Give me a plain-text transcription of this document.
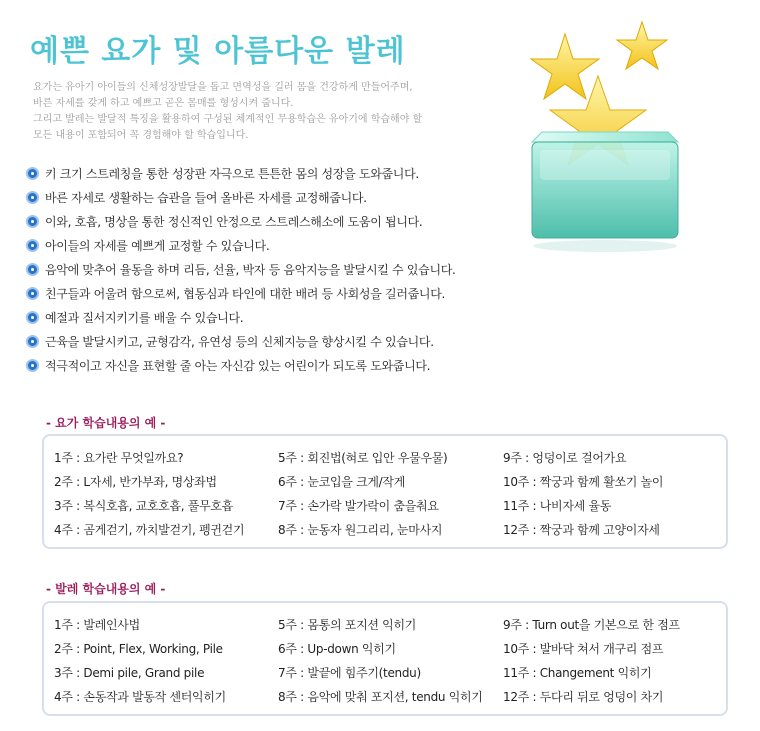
예쁜 요가 및 아름다운 발레
요가는 유아기 아이들의 신체성장발달을 돕고 면역성을 길러 몸을 건강하게 만들어주며,
바른 자세를 갖게 하고 예쁘고 곧은 몸매를 형성시켜 줍니다.
그리고 발레는 발달적 특징을 활용하여 구성된 체계적인 무용학습은 유아기에 학습해야 할
모든 내용이 포함되어 꼭 경험해야 할 학습입니다.
키 크기 스트레칭을 통한 성장판 자극으로 튼튼한 몸의 성장을 도와줍니다.
바른 자세로 생활하는 습관을 들여 올바른 자세를 교정해줍니다.
이와, 호흡, 명상을 통한 정신적인 안정으로 스트레스해소에 도움이 됩니다.
아이들의 자세를 예쁘게 교정할 수 있습니다.
음악에 맞추어 율동을 하며 리듬, 선율, 박자 등 음악지능을 발달시킬 수 있습니다.
친구들과 어울려 함으로써, 협동심과 타인에 대한 배려 등 사회성을 길러줍니다.
예절과 질서지키기를 배울 수 있습니다.
근육을 발달시키고, 균형감각, 유연성 등의 신체지능을 향상시킬 수 있습니다.
적극적이고 자신을 표현할 줄 아는 자신감 있는 어린이가 되도록 도와줍니다.
- 요가 학습내용의 예 -
1주 : 요가란 무엇일까요?
2주 : L자세, 반가부좌, 명상좌법
3주 : 복식호흡, 교호호흡, 풀무호흡
4주 : 곰게걷기, 까치발걷기, 펭귄걷기
5주 : 회진법(혀로 입안 우물우물)
6주 : 눈코입을 크게/작게
7주 : 손가락 발가락이 춤을춰요
8주 : 눈동자 원그리리, 눈마사지
9주 : 엉덩이로 걸어가요
10주 : 짝궁과 함께 활쏘기 놀이
11주 : 나비자세 율동
12주 : 짝궁과 함께 고양이자세
- 발레 학습내용의 예 -
1주 : 발레인사법
2주 : Point, Flex, Working, Pile
3주 : Demi pile, Grand pile
4주 : 손동작과 발동작 센터익히기
5주 : 몸통의 포지션 익히기
6주 : Up-down 익히기
7주 : 발끝에 힘주기(tendu)
8주 : 음악에 맞춰 포지션, tendu 익히기
9주 : Turn out을 기본으로 한 점프
10주 : 발바닥 쳐서 개구리 점프
11주 : Changement 익히기
12주 : 두다리 뒤로 엉덩이 차기
